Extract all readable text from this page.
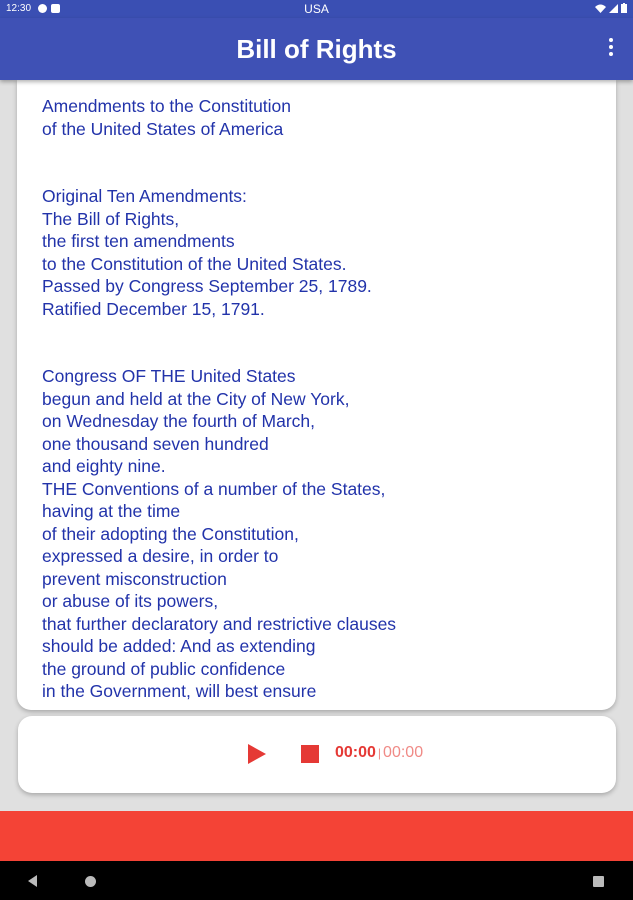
12:30	USA
Bill of Rights
Amendments to the Constitution
of the United States of America
Original Ten Amendments:
The Bill of Rights,
the first ten amendments
to the Constitution of the United States.
Passed by Congress September 25, 1789.
Ratified December 15, 1791.
Congress OF THE United States
begun and held at the City of New York,
on Wednesday the fourth of March,
one thousand seven hundred
and eighty nine.
THE Conventions of a number of the States,
having at the time
of their adopting the Constitution,
expressed a desire, in order to
prevent misconstruction
or abuse of its powers,
that further declaratory and restrictive clauses
should be added: And as extending
the ground of public confidence
in the Government, will best ensure
00:00 | 00:00
